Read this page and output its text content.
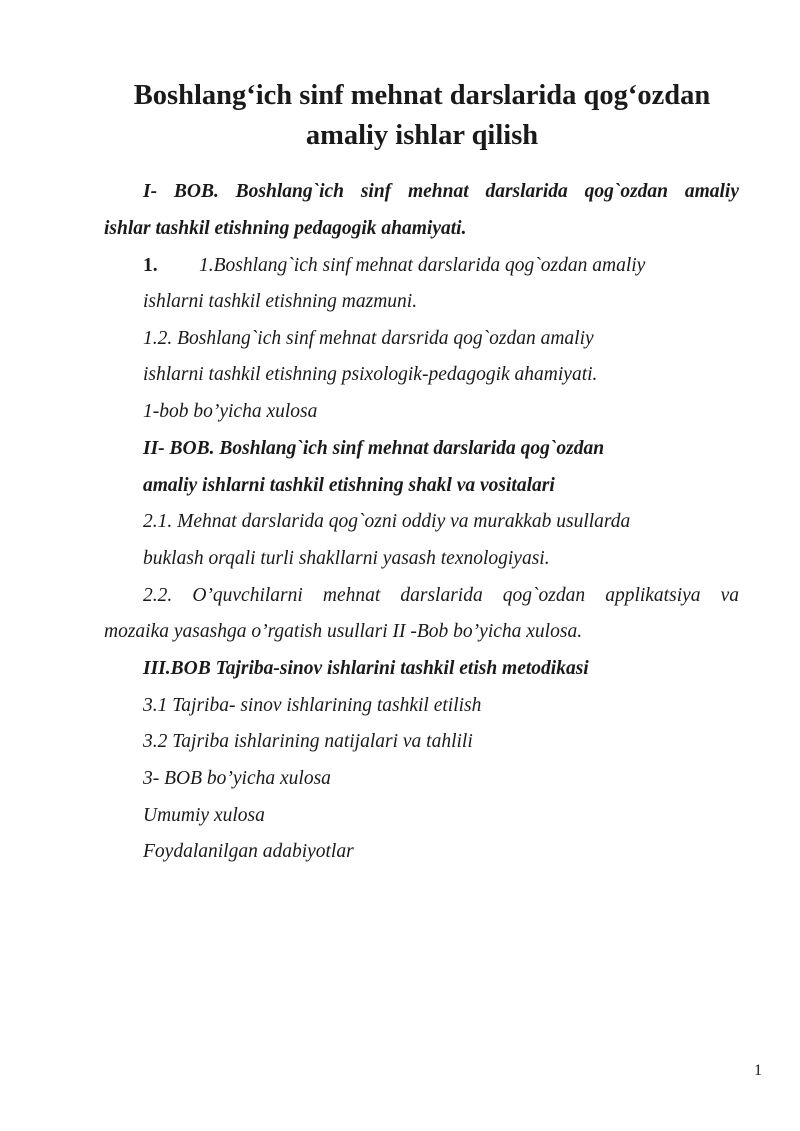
Boshlang‘ich sinf mehnat darslarida qog‘ozdan
amaliy ishlar qilish
I- BOB. Boshlang`ich sinf mehnat darslarida qog`ozdan amaliy
ishlar tashkil etishning pedagogik ahamiyati.
1. 1.Boshlang`ich sinf mehnat darslarida qog`ozdan amaliy
ishlarni tashkil etishning mazmuni.
1.2. Boshlang`ich sinf mehnat darsrida qog`ozdan amaliy
ishlarni tashkil etishning psixologik-pedagogik ahamiyati.
1-bob bo’yicha xulosa
II- BOB. Boshlang`ich sinf mehnat darslarida qog`ozdan
amaliy ishlarni tashkil etishning shakl va vositalari
2.1. Mehnat darslarida qog`ozni oddiy va murakkab usullarda
buklash orqali turli shakllarni yasash texnologiyasi.
2.2. O’quvchilarni mehnat darslarida qog`ozdan applikatsiya va
mozaika yasashga o’rgatish usullari II -Bob bo’yicha xulosa.
III.BOB Tajriba-sinov ishlarini tashkil etish metodikasi
3.1 Tajriba- sinov ishlarining tashkil etilish
3.2 Tajriba ishlarining natijalari va tahlili
3- BOB bo’yicha xulosa
Umumiy xulosa
Foydalanilgan adabiyotlar
1
